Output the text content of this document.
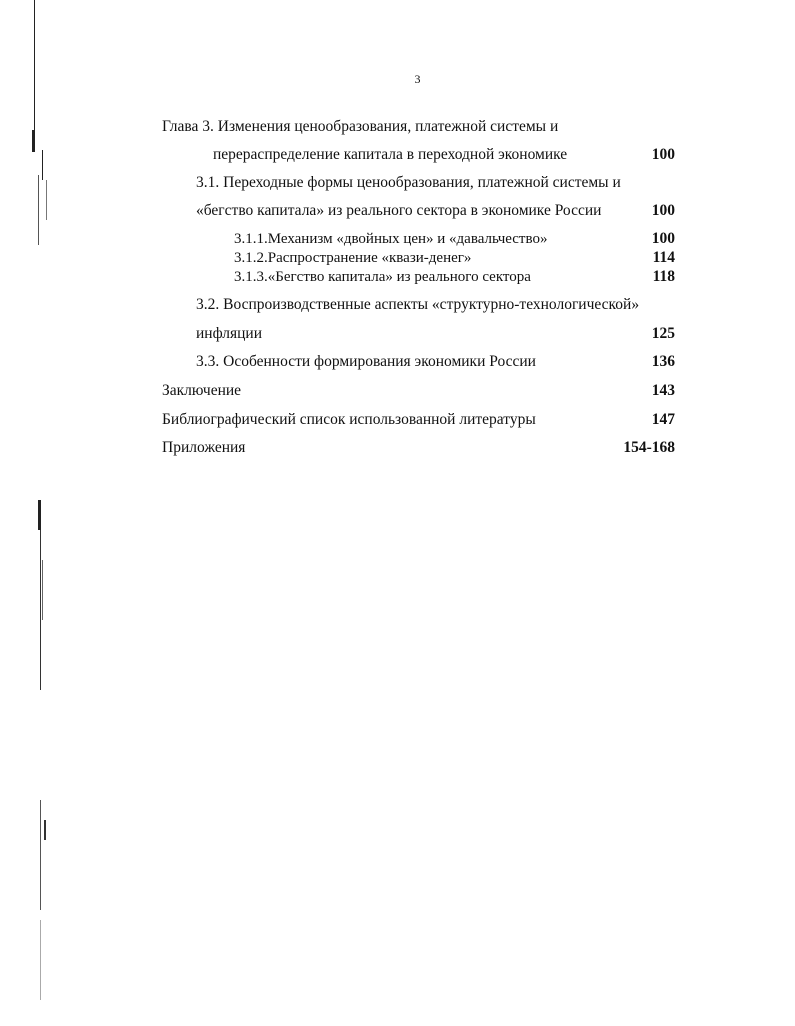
3
Глава 3. Изменения ценообразования, платежной системы и
перераспределение капитала в переходной экономике	100
3.1. Переходные формы ценообразования, платежной системы и
«бегство капитала» из реального сектора в экономике России	100
3.1.1.Механизм «двойных цен» и «давальчество»	100
3.1.2.Распространение «квази-денег»	114
3.1.3.«Бегство капитала» из реального сектора	118
3.2. Воспроизводственные аспекты «структурно-технологической»
инфляции	125
3.3. Особенности формирования экономики России	136
Заключение	143
Библиографический список использованной литературы	147
Приложения	154-168
